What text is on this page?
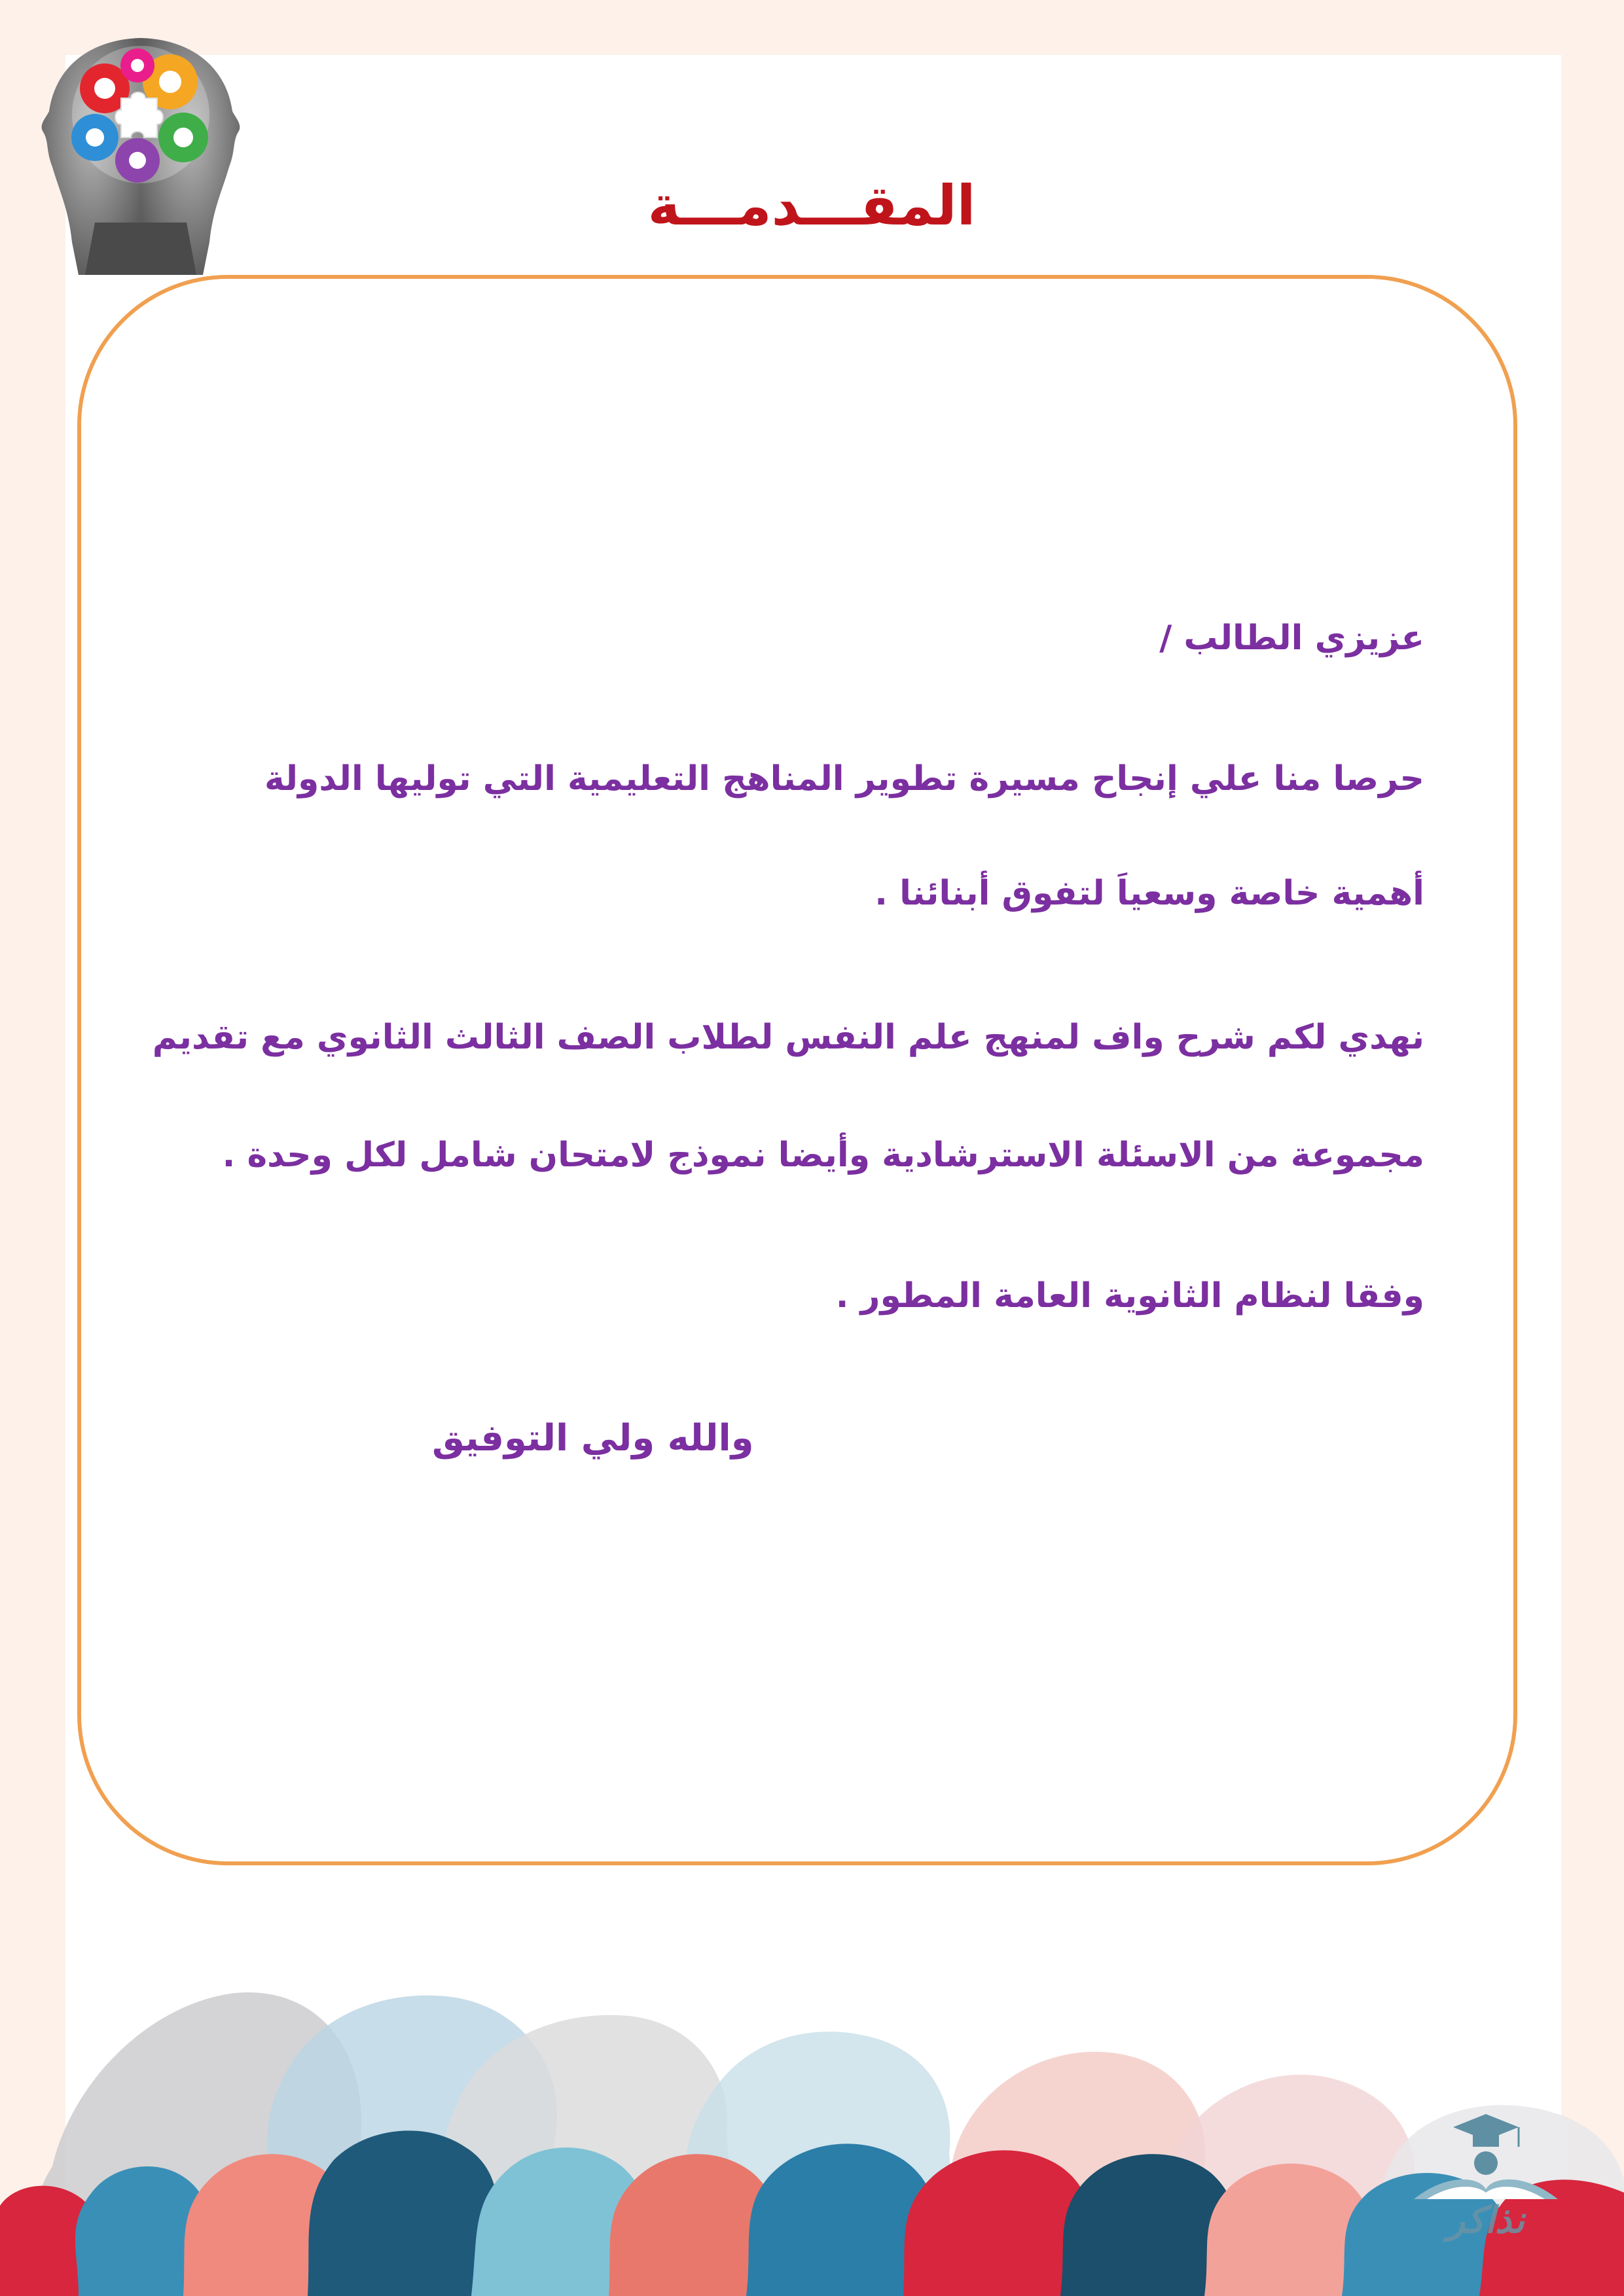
المقـــدمـــة
عزيزي الطالب /
حرصا منا علي إنجاح مسيرة تطوير المناهج التعليمية التي توليها الدولة
أهمية خاصة وسعياَ لتفوق أبنائنا .
نهدي لكم شرح واف لمنهج علم النفس لطلاب الصف الثالث الثانوي مع تقديم
مجموعة من الاسئلة الاسترشادية وأيضا نموذج لامتحان شامل لكل وحدة .
وفقا لنظام الثانوية العامة المطور .
والله ولي التوفيق
نذاكر
